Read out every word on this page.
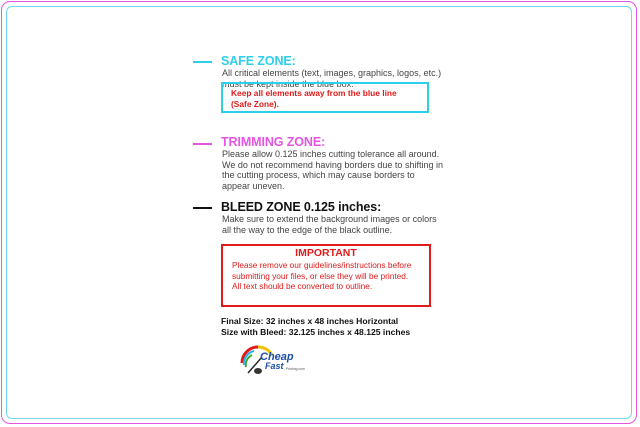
SAFE ZONE:
All critical elements (text, images, graphics, logos, etc.)
must be kept inside the blue box.
Keep all elements away from the blue line
(Safe Zone).
TRIMMING ZONE:
Please allow 0.125 inches cutting tolerance all around.
We do not recommend having borders due to shifting in
the cutting process, which may cause borders to
appear uneven.
BLEED ZONE 0.125 inches:
Make sure to extend the background images or colors
all the way to the edge of the black outline.
IMPORTANT
Please remove our guidelines/instructions before
submitting your files, or else they will be printed.
All text should be converted to outline.
Final Size: 32 inches x 48 inches Horizontal
Size with Bleed: 32.125 inches x 48.125 inches
Cheap
Fast Printing.com
